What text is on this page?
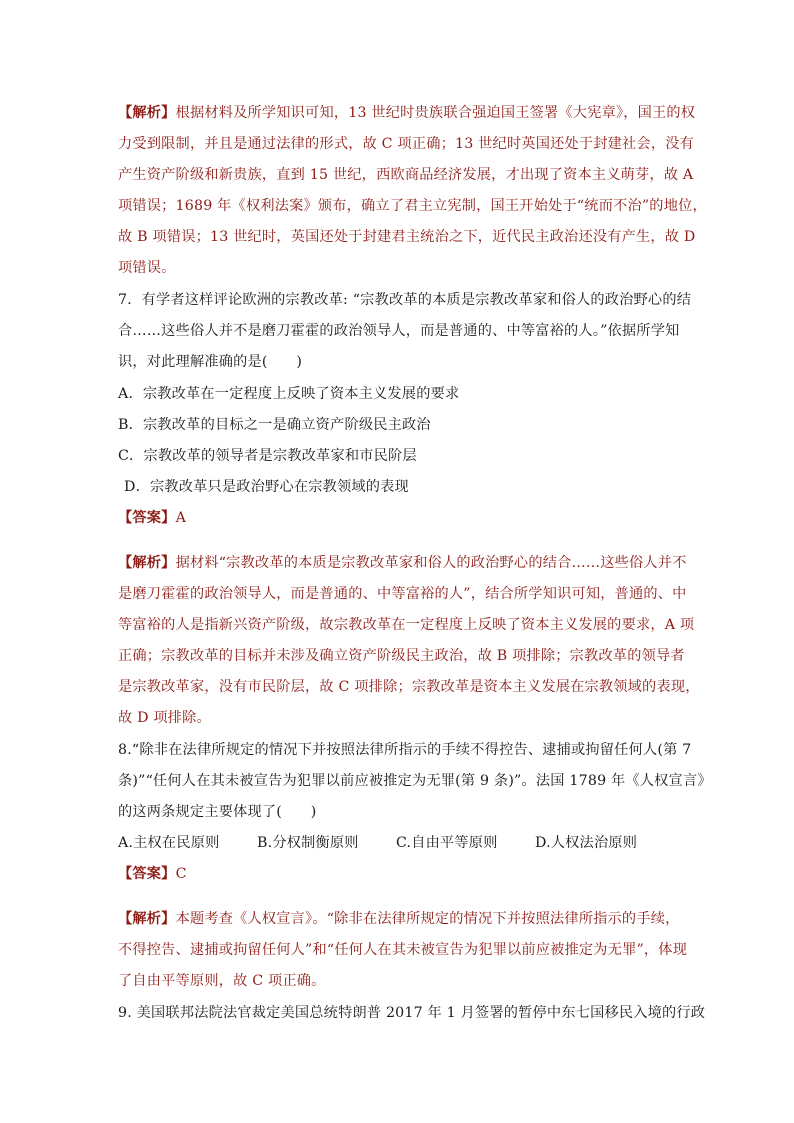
【解析】根据材料及所学知识可知，13 世纪时贵族联合强迫国王签署《大宪章》，国王的权
力受到限制，并且是通过法律的形式，故 C 项正确；13 世纪时英国还处于封建社会，没有
产生资产阶级和新贵族，直到 15 世纪，西欧商品经济发展，才出现了资本主义萌芽，故 A
项错误；1689 年《权利法案》颁布，确立了君主立宪制，国王开始处于“统而不治”的地位，
故 B 项错误；13 世纪时，英国还处于封建君主统治之下，近代民主政治还没有产生，故 D
项错误。
7．有学者这样评论欧洲的宗教改革: “宗教改革的本质是宗教改革家和俗人的政治野心的结
合……这些俗人并不是磨刀霍霍的政治领导人，而是普通的、中等富裕的人。”依据所学知
识，对此理解准确的是(　　)
A．宗教改革在一定程度上反映了资本主义发展的要求
B．宗教改革的目标之一是确立资产阶级民主政治
C．宗教改革的领导者是宗教改革家和市民阶层
D．宗教改革只是政治野心在宗教领域的表现
【答案】A
【解析】据材料“宗教改革的本质是宗教改革家和俗人的政治野心的结合……这些俗人并不
是磨刀霍霍的政治领导人，而是普通的、中等富裕的人”，结合所学知识可知，普通的、中
等富裕的人是指新兴资产阶级，故宗教改革在一定程度上反映了资本主义发展的要求，A 项
正确；宗教改革的目标并未涉及确立资产阶级民主政治，故 B 项排除；宗教改革的领导者
是宗教改革家，没有市民阶层，故 C 项排除；宗教改革是资本主义发展在宗教领域的表现，
故 D 项排除。
8.“除非在法律所规定的情况下并按照法律所指示的手续不得控告、逮捕或拘留任何人(第 7
条)”“任何人在其未被宣告为犯罪以前应被推定为无罪(第 9 条)”。法国 1789 年《人权宣言》
的这两条规定主要体现了(　　)
A.主权在民原则	B.分权制衡原则	C.自由平等原则	D.人权法治原则
【答案】C
【解析】本题考查《人权宣言》。“除非在法律所规定的情况下并按照法律所指示的手续，
不得控告、逮捕或拘留任何人”和“任何人在其未被宣告为犯罪以前应被推定为无罪”，体现
了自由平等原则，故 C 项正确。
9. 美国联邦法院法官裁定美国总统特朗普 2017 年 1 月签署的暂停中东七国移民入境的行政
